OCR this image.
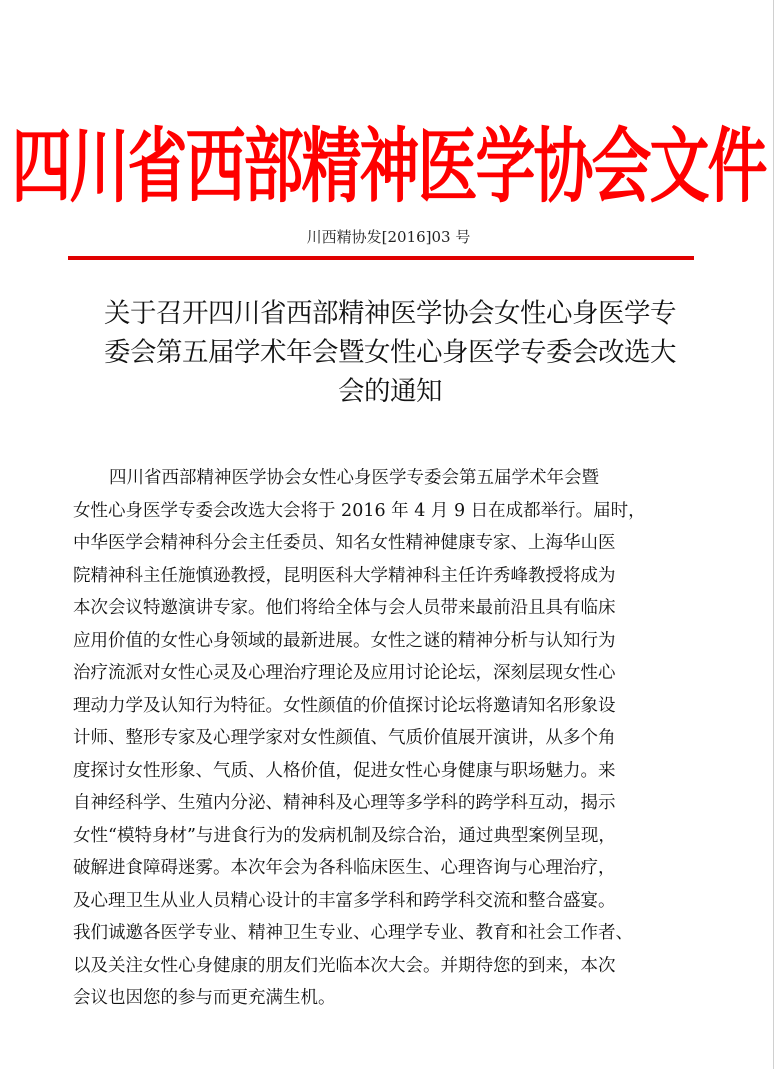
四川省西部精神医学协会文件
川西精协发[2016]03 号
关于召开四川省西部精神医学协会女性心身医学专
委会第五届学术年会暨女性心身医学专委会改选大
会的通知
四川省西部精神医学协会女性心身医学专委会第五届学术年会暨
女性心身医学专委会改选大会将于 2016 年 4 月 9 日在成都举行。届时，
中华医学会精神科分会主任委员、知名女性精神健康专家、上海华山医
院精神科主任施慎逊教授，昆明医科大学精神科主任许秀峰教授将成为
本次会议特邀演讲专家。他们将给全体与会人员带来最前沿且具有临床
应用价值的女性心身领域的最新进展。女性之谜的精神分析与认知行为
治疗流派对女性心灵及心理治疗理论及应用讨论论坛，深刻层现女性心
理动力学及认知行为特征。女性颜值的价值探讨论坛将邀请知名形象设
计师、整形专家及心理学家对女性颜值、气质价值展开演讲，从多个角
度探讨女性形象、气质、人格价值，促进女性心身健康与职场魅力。来
自神经科学、生殖内分泌、精神科及心理等多学科的跨学科互动，揭示
女性“模特身材”与进食行为的发病机制及综合治，通过典型案例呈现，
破解进食障碍迷雾。本次年会为各科临床医生、心理咨询与心理治疗，
及心理卫生从业人员精心设计的丰富多学科和跨学科交流和整合盛宴。
我们诚邀各医学专业、精神卫生专业、心理学专业、教育和社会工作者、
以及关注女性心身健康的朋友们光临本次大会。并期待您的到来，本次
会议也因您的参与而更充满生机。
